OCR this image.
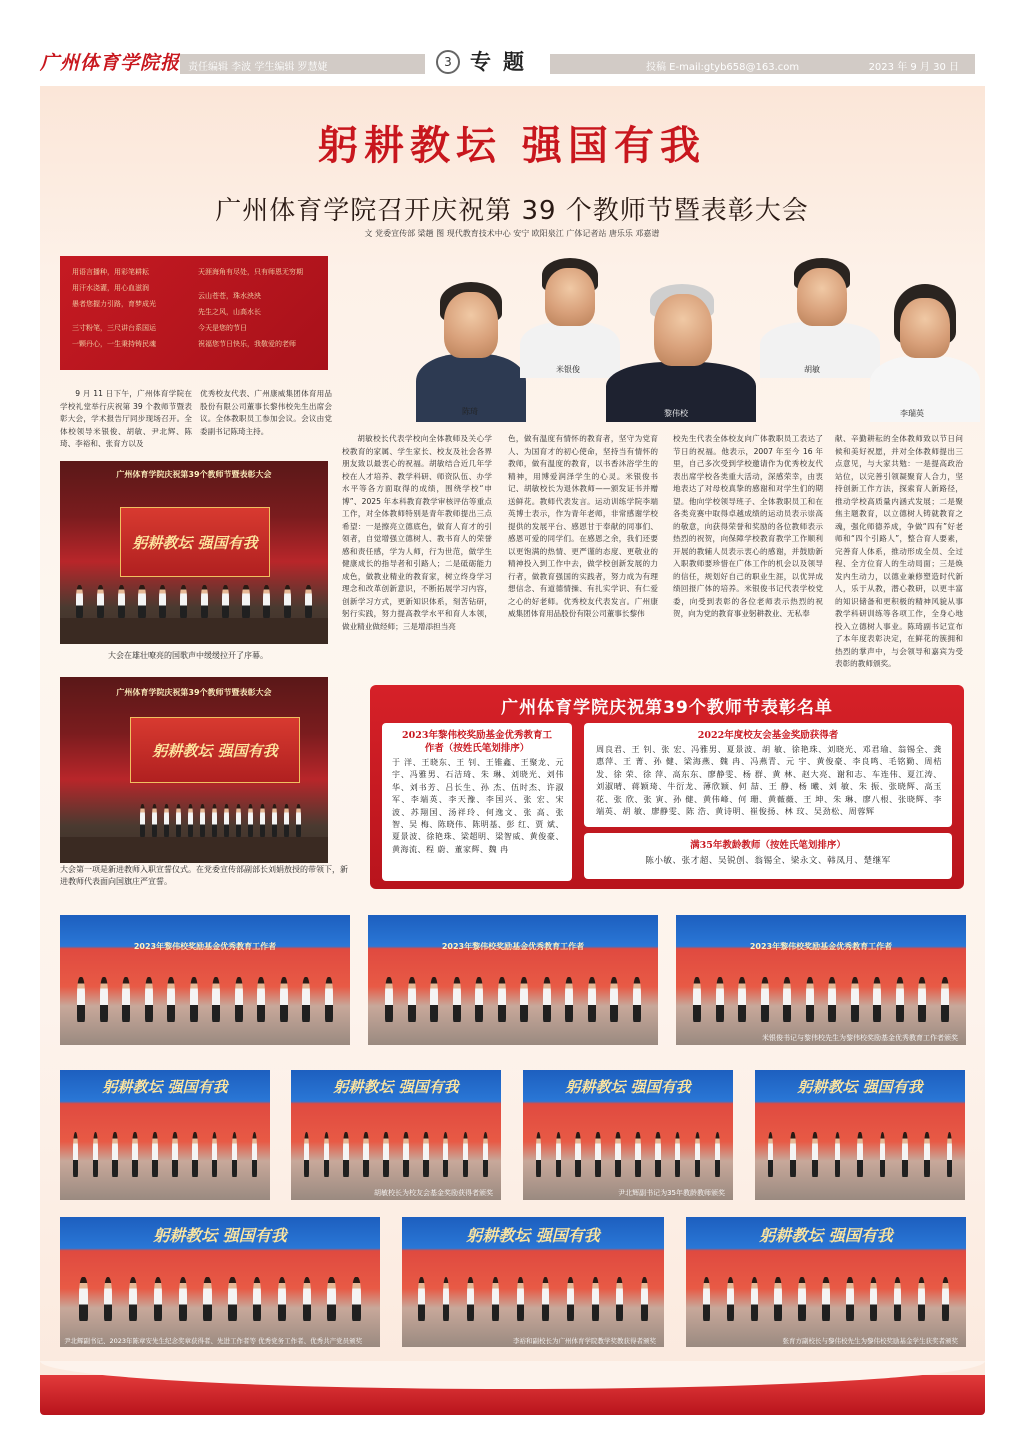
广州体育学院报 责任编辑 李波 学生编辑 罗慧婕	3 专题	投稿 E-mail:gtyb658@163.com	2023 年 9 月 30 日
躬耕教坛 强国有我
广州体育学院召开庆祝第 39 个教师节暨表彰大会
文 党委宣传部 梁趟 图 现代教育技术中心 安宁 欧阳泉江 广体记者站 唐乐乐 邓嘉谱
用语言播种，用彩笔耕耘
用汗水浇灌，用心血滋润
愚者您握力引路，育梦成光
三寸粉笔，三尺讲台系国运
一颗丹心，一生秉持铸民魂
天涯海角有尽处，只有师恩无穷期
云山苍苍，珠水泱泱
先生之风，山高水长
今天是您的节日
祝福您节日快乐，我敬爱的老师
陈琦
米银俊
黎伟校
胡敏
李瑞英
9 月 11 日下午，广州体育学院在学校礼堂举行庆祝第 39 个教师节暨表彰大会，学术报告厅同步现场召开。全体校领导米银俊、胡敏、尹北辉、陈琦、李裕和、张育方以及
优秀校友代表、广州康威集团体育用品股份有限公司董事长黎伟校先生出席会议。全体教职员工参加会议。会议由党委副书记陈琦主持。
广州体育学院庆祝第39个教师节暨表彰大会
躬耕教坛 强国有我
大会在雄壮嘹亮的国歌声中缓缓拉开了序幕。
广州体育学院庆祝第39个教师节暨表彰大会
躬耕教坛 强国有我
大会第一项是新进教师入职宣誓仪式。在党委宣传部副部长刘娟敖授的带领下，新进教师代表面向国旗庄严宣誓。
胡敏校长代表学校向全体教师及关心学校教育的家属、学生家长、校友及社会各界朋友致以最衷心的祝福。胡敏结合近几年学校在人才培养、教学科研、师资队伍、办学水平等各方面取得的成绩，围绕学校“申博”、2025 年本科教育教学审核评估等重点工作，对全体教师特别是青年教师提出三点希望：一是擦亮立德底色，做育人育才的引领者，自觉增强立德树人、教书育人的荣誉感和责任感，学为人师，行为世范，做学生健康成长的指导者和引路人；二是砥砺能力成色，做教业精业的教育家，树立终身学习理念和改革创新意识，不断拓展学习内容，创新学习方式，更新知识体系，刻苦钻研，躬行实践，努力提高教学水平和育人本领，做业精业做经师；三是增添担当亮
色，做有温度有情怀的教育者，坚守为党育人、为国育才的初心使命，坚持当有情怀的教师，做有温度的教育，以书香沐浴学生的精神，用博爱润泽学生的心灵。米银俊书记、胡敏校长为退休教师——颁发证书并赠送鲜花。教师代表发言。运动训练学院李端英博士表示，作为青年老师，非常感谢学校提供的发展平台、感恩甘于奉献的同事们、感恩可爱的同学们。在感恩之余，我们还要以更饱满的热情、更严谨的态度、更敬业的精神投入到工作中去，做学校创新发展的力行者，做教育强国的实践者，努力成为有理想信念、有道德情操、有扎实学识、有仁爱之心的好老师。优秀校友代表发言。广州康威集团体育用品股份有限公司董事长黎伟
校先生代表全体校友向广体教职员工表达了节日的祝福。他表示，2007 年至今 16 年里，自己多次受到学校邀请作为优秀校友代表出席学校各类重大活动，深感荣幸，由衷地表达了对母校真挚的感谢和对学生们的期望。他向学校领导班子、全体教职员工和在各类竞赛中取得卓越成绩的运动员表示崇高的敬意，向获得荣誉和奖励的各位教师表示热烈的祝贺，向保障学校教育教学工作顺利开展的教辅人员表示衷心的感谢，并鼓励新入职教师要珍惜在广体工作的机会以及领导的信任，规划好自己的职业生涯，以优异成绩回报广体的培养。米银俊书记代表学校党委，向受到表彰的各位老师表示热烈的祝贺，向为党的教育事业躬耕教业、无私奉
献、辛勤耕耘的全体教师致以节日问候和美好祝愿，并对全体教师提出三点意见，与大家共勉：一是提高政治站位，以完善引领凝聚育人合力，坚持创新工作方法，探索育人新路径，推动学校高质量内涵式发展；二是聚焦主题教育，以立德树人铸就教育之魂，强化师德养成，争做“四有”好老师和“四个引路人”，整合育人要素，完善育人体系，推动形成全员、全过程、全方位育人的生动局面；三是焕发内生动力，以德业兼修塑造时代新人，乐于从教，潜心教研，以更丰富的知识储备和更积极的精神风貌从事教学科研训练等各项工作，全身心地投入立德树人事业。陈琦副书记宣布了本年度表彰决定，在鲜花的簇拥和热烈的掌声中，与会领导和嘉宾为受表彰的教师颁奖。
广州体育学院庆祝第39个教师节表彰名单
2023年黎伟校奖励基金优秀教育工作者（按姓氏笔划排序）
于 洋、王晓东、王 钊、王锥鑫、王聚龙、元 宇、冯雅男、石洁琦、朱 琳、刘晓光、刘伟华、刘书芳、吕长生、孙 杰、伍时杰、许淑军、李端英、李天豫、李国兴、张 宏、宋 波、苏翔国、汤祥玲、何逸文、张 高、张 智、吴 梅、陈晓伟、陈明基、彭 红、贾 斌、夏景波、徐艳珠、梁超明、梁智威、黄俊豪、黄海流、程 蔚、董家辉、魏 冉
2022年度校友会基金奖励获得者
周良君、王 钊、张 宏、冯雅男、夏景波、胡 敏、徐艳珠、刘晓光、邓君瑜、翁锡全、龚惠萍、王 菁、孙 健、梁海燕、魏 冉、冯燕青、元 宇、黄俊豪、李良鸣、毛铭勤、周桔发、徐 荣、徐 萍、高东东、廖静雯、杨 群、黄 林、赵大亮、谢和志、车连伟、夏江涛、刘淑晴、蒋颖琦、牛衍龙、薄欣颖、何 喆、王 静、杨 曦、刘 敏、朱 振、张晓辉、高玉花、张 欣、张 寅、孙 健、黄伟峰、何 珊、黄薇薇、王 坤、朱 琳、廖八根、张晓辉、李端英、胡 敏、廖静雯、陈 浩、黄诗明、崔俊扬、林 玟、吴劲松、周蓉辉
满35年教龄教师（按姓氏笔划排序）
陈小敏、张才超、吴锐创、翁锡全、梁永文、韩凤月、楚继军
2023年黎伟校奖励基金优秀教育工作者	2023年黎伟校奖励基金优秀教育工作者	2023年黎伟校奖励基金优秀教育工作者
米银俊书记与黎伟校先生为黎伟校奖励基金优秀教育工作者颁奖
躬耕教坛 强国有我	躬耕教坛 强国有我
胡敏校长为校友会基金奖励获得者颁奖
躬耕教坛 强国有我
尹北辉副书记为35年教龄教师颁奖
躬耕教坛 强国有我
躬耕教坛 强国有我
尹北辉副书记、2023年陈章安先生纪念奖章获得者、先进工作者等 优秀党务工作者、优秀共产党员颁奖
躬耕教坛 强国有我
李裕和副校长为广州体育学院教学奖教获得者颁奖
躬耕教坛 强国有我
张育方副校长与黎伟校先生为黎伟校奖励基金学生获奖者颁奖
